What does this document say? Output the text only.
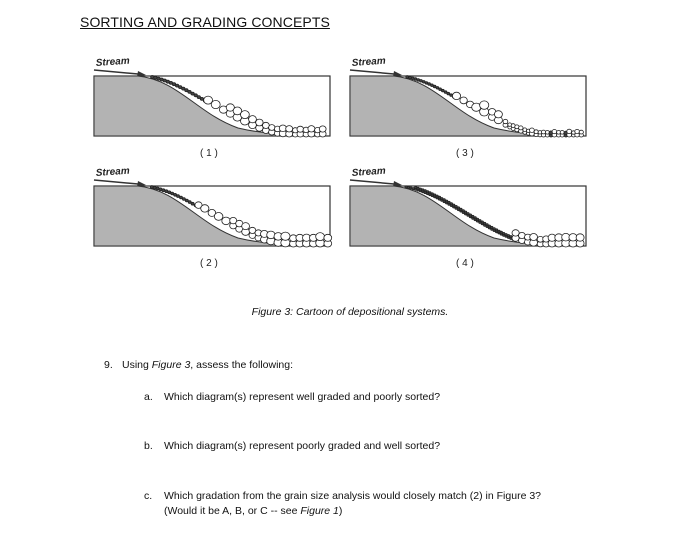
SORTING AND GRADING CONCEPTS
Stream
( 1 )
Stream
( 3 )
Stream
( 2 )
Stream
( 4 )
Figure 3: Cartoon of depositional systems.
9. Using Figure 3, assess the following:
a. Which diagram(s) represent well graded and poorly sorted?
b. Which diagram(s) represent poorly graded and well sorted?
c. Which gradation from the grain size analysis would closely match (2) in Figure 3?
(Would it be A, B, or C -- see Figure 1)
